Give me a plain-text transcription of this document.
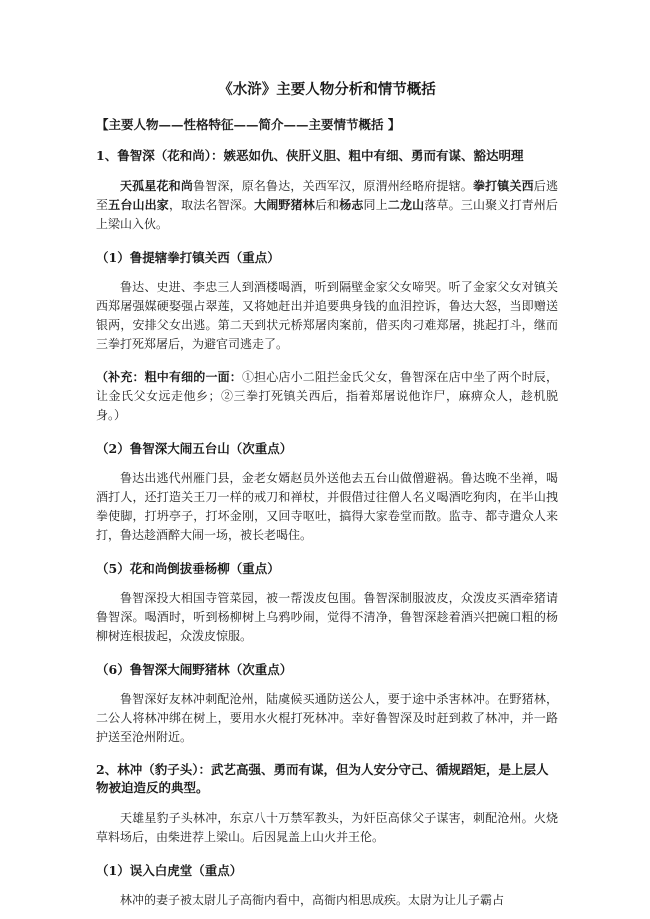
《水浒》主要人物分析和情节概括
【主要人物——性格特征——简介——主要情节概括 】
1、鲁智深（花和尚）：嫉恶如仇、侠肝义胆、粗中有细、勇而有谋、豁达明理

天孤星花和尚鲁智深，原名鲁达，关西军汉，原渭州经略府提辖。拳打镇关西后逃至五台山出家，取法名智深。大闹野猪林后和杨志同上二龙山落草。三山聚义打青州后上梁山入伙。

（1）鲁提辖拳打镇关西（重点）

鲁达、史进、李忠三人到酒楼喝酒，听到隔壁金家父女啼哭。听了金家父女对镇关西郑屠强媒硬娶强占翠莲，又将她赶出并追要典身钱的血泪控诉，鲁达大怒，当即赠送银两，安排父女出逃。第二天到状元桥郑屠肉案前，借买肉刁难郑屠，挑起打斗，继而三拳打死郑屠后，为避官司逃走了。

（补充：粗中有细的一面：①担心店小二阻拦金氏父女，鲁智深在店中坐了两个时辰，让金氏父女远走他乡；②三拳打死镇关西后，指着郑屠说他诈尸，麻痹众人，趁机脱身。）

（2）鲁智深大闹五台山（次重点）

鲁达出逃代州雁门县，金老女婿赵员外送他去五台山做僧避祸。鲁达晚不坐禅，喝酒打人，还打造关王刀一样的戒刀和禅杖，并假借过往僧人名义喝酒吃狗肉，在半山拽拳使脚，打坍亭子，打坏金刚，又回寺呕吐，搞得大家卷堂而散。监寺、都寺遣众人来打，鲁达趁酒醉大闹一场，被长老喝住。

（5）花和尚倒拔垂杨柳（重点）

鲁智深投大相国寺管菜园，被一帮泼皮包围。鲁智深制服波皮，众泼皮买酒牵猪请鲁智深。喝酒时，听到杨柳树上乌鸦吵闹，觉得不清净，鲁智深趁着酒兴把碗口粗的杨柳树连根拔起，众泼皮惊服。

（6）鲁智深大闹野猪林（次重点）

鲁智深好友林冲刺配沧州，陆虞候买通防送公人，要于途中杀害林冲。在野猪林，二公人将林冲绑在树上，要用水火棍打死林冲。幸好鲁智深及时赶到救了林冲，并一路护送至沧州附近。

2、林冲（豹子头）：武艺高强、勇而有谋，但为人安分守己、循规蹈矩，是上层人物被迫造反的典型。

天雄星豹子头林冲，东京八十万禁军教头，为奸臣高俅父子谋害，刺配沧州。火烧草料场后，由柴进荐上梁山。后因晁盖上山火并王伦。

（1）误入白虎堂（重点）

林冲的妻子被太尉儿子高衙内看中，高衙内相思成疾。太尉为让儿子霸占
